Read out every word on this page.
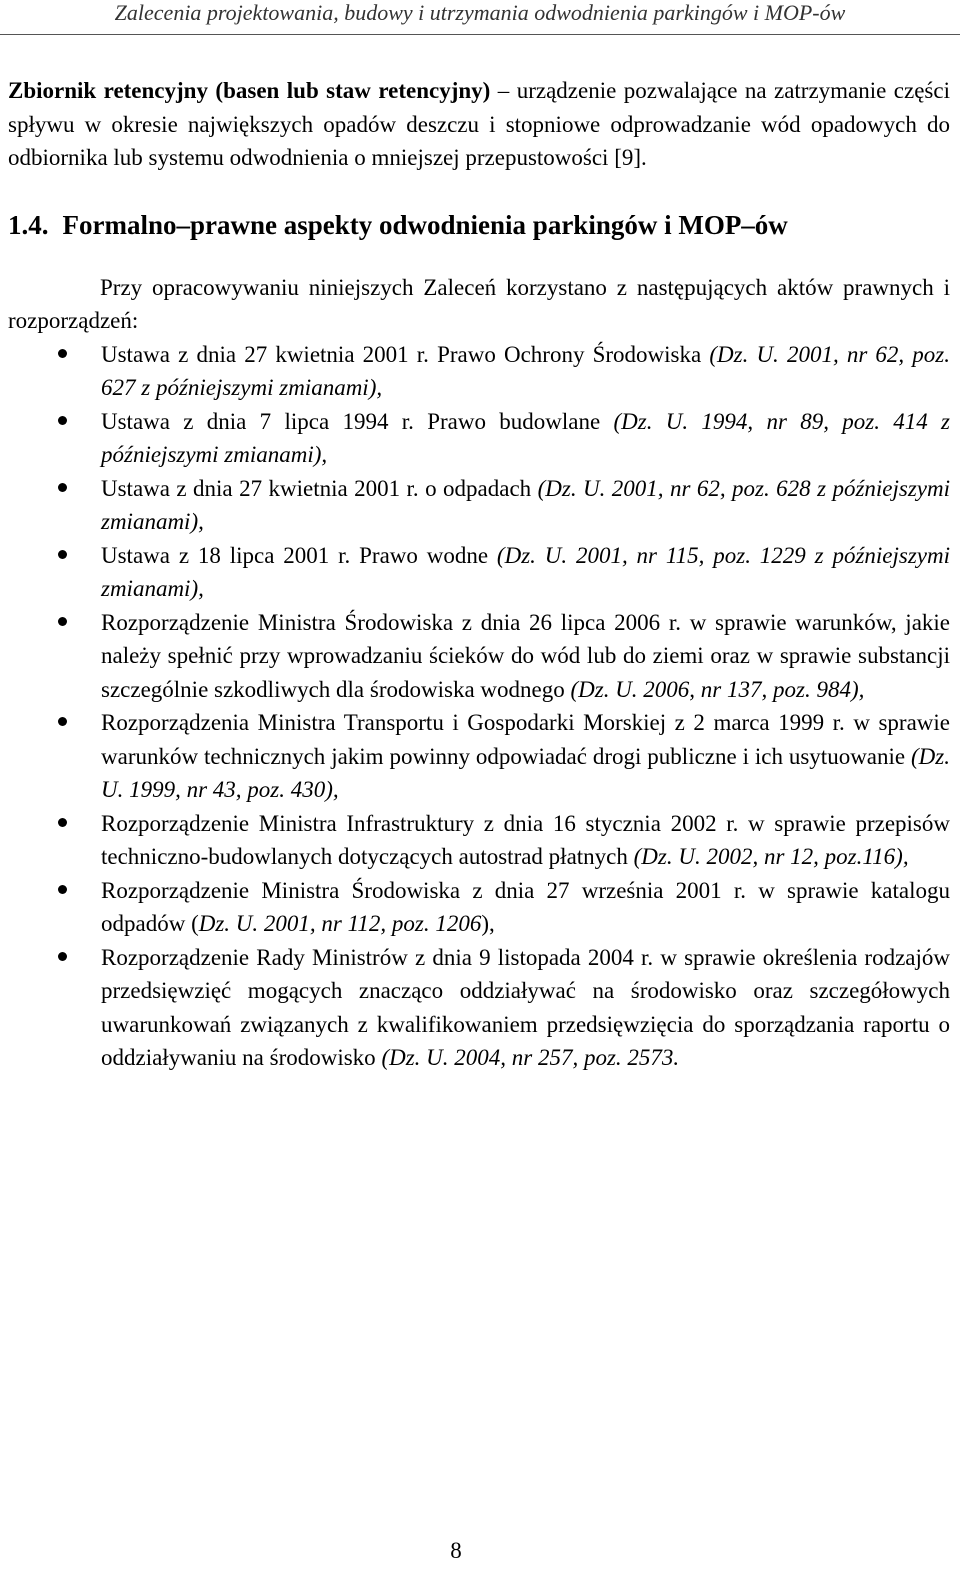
Zalecenia projektowania, budowy i utrzymania odwodnienia parkingów i MOP-ów

Zbiornik retencyjny (basen lub staw retencyjny) – urządzenie pozwalające na zatrzymanie części spływu w okresie największych opadów deszczu i stopniowe odprowadzanie wód opadowych do odbiornika lub systemu odwodnienia o mniejszej przepustowości [9].

1.4. Formalno–prawne aspekty odwodnienia parkingów i MOP–ów

Przy opracowywaniu niniejszych Zaleceń korzystano z następujących aktów prawnych i rozporządzeń:

Ustawa z dnia 27 kwietnia 2001 r. Prawo Ochrony Środowiska (Dz. U. 2001, nr 62, poz. 627 z późniejszymi zmianami),
Ustawa z dnia 7 lipca 1994 r. Prawo budowlane (Dz. U. 1994, nr 89, poz. 414 z późniejszymi zmianami),
Ustawa z dnia 27 kwietnia 2001 r. o odpadach (Dz. U. 2001, nr 62, poz. 628 z późniejszymi zmianami),
Ustawa z 18 lipca 2001 r. Prawo wodne (Dz. U. 2001, nr 115, poz. 1229 z późniejszymi zmianami),
Rozporządzenie Ministra Środowiska z dnia 26 lipca 2006 r. w sprawie warunków, jakie należy spełnić przy wprowadzaniu ścieków do wód lub do ziemi oraz w sprawie substancji szczególnie szkodliwych dla środowiska wodnego (Dz. U. 2006, nr 137, poz. 984),
Rozporządzenia Ministra Transportu i Gospodarki Morskiej z 2 marca 1999 r. w sprawie warunków technicznych jakim powinny odpowiadać drogi publiczne i ich usytuowanie (Dz. U. 1999, nr 43, poz. 430),
Rozporządzenie Ministra Infrastruktury z dnia 16 stycznia 2002 r. w sprawie przepisów techniczno-budowlanych dotyczących autostrad płatnych (Dz. U. 2002, nr 12, poz.116),
Rozporządzenie Ministra Środowiska z dnia 27 września 2001 r. w sprawie katalogu odpadów (Dz. U. 2001, nr 112, poz. 1206),
Rozporządzenie Rady Ministrów z dnia 9 listopada 2004 r. w sprawie określenia rodzajów przedsięwzięć mogących znacząco oddziaływać na środowisko oraz szczegółowych uwarunkowań związanych z kwalifikowaniem przedsięwzięcia do sporządzania raportu o oddziaływaniu na środowisko (Dz. U. 2004, nr 257, poz. 2573.
8
